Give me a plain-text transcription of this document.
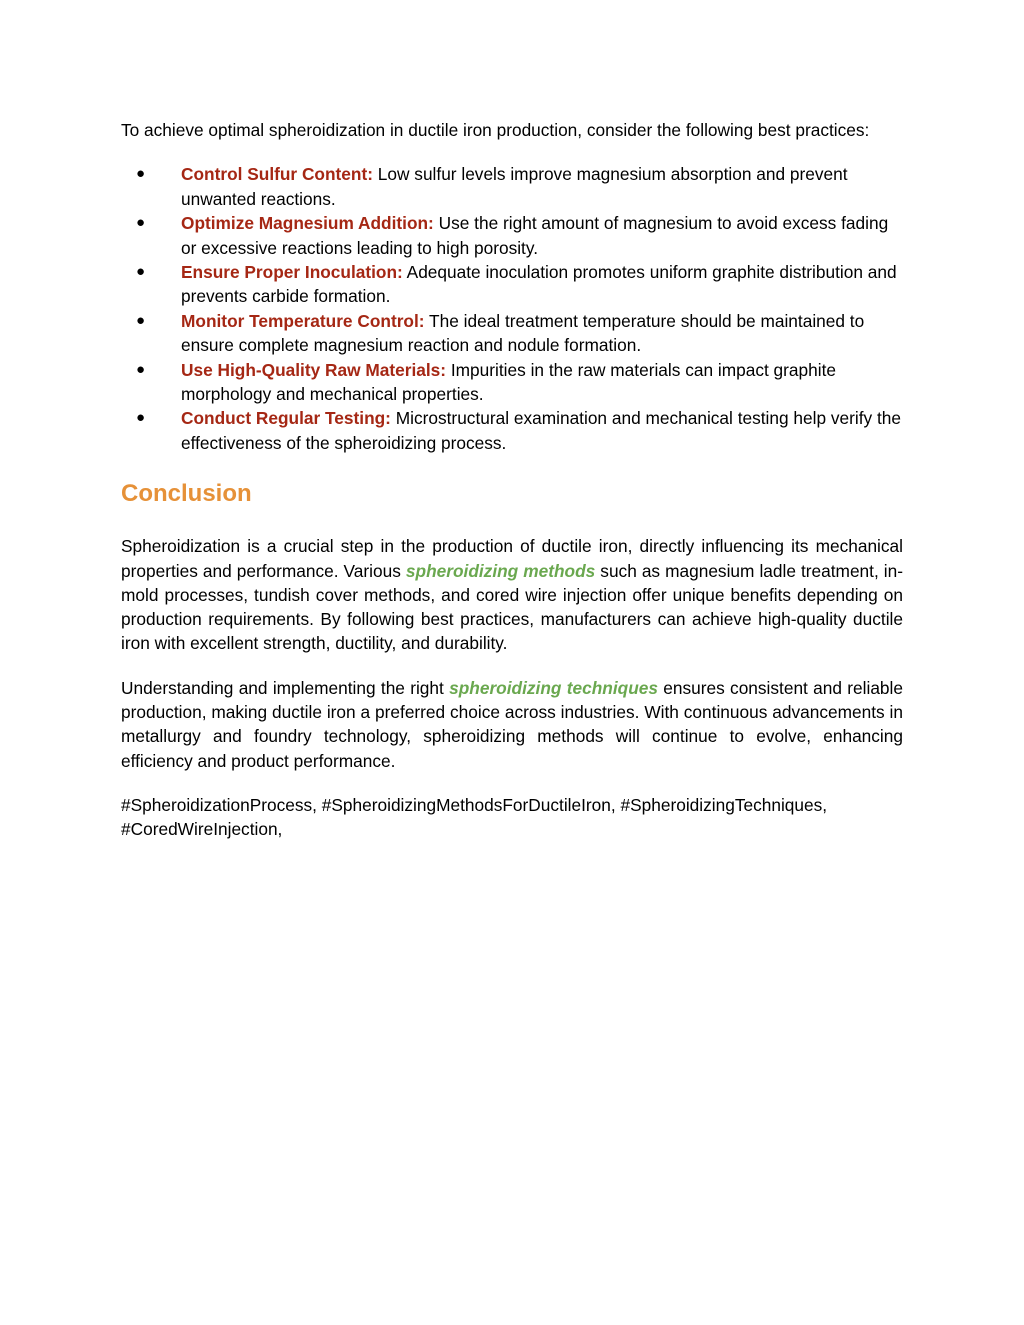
To achieve optimal spheroidization in ductile iron production, consider the following best practices:

● Control Sulfur Content: Low sulfur levels improve magnesium absorption and prevent unwanted reactions.
● Optimize Magnesium Addition: Use the right amount of magnesium to avoid excess fading or excessive reactions leading to high porosity.
● Ensure Proper Inoculation: Adequate inoculation promotes uniform graphite distribution and prevents carbide formation.
● Monitor Temperature Control: The ideal treatment temperature should be maintained to ensure complete magnesium reaction and nodule formation.
● Use High-Quality Raw Materials: Impurities in the raw materials can impact graphite morphology and mechanical properties.
● Conduct Regular Testing: Microstructural examination and mechanical testing help verify the effectiveness of the spheroidizing process.
Conclusion

Spheroidization is a crucial step in the production of ductile iron, directly influencing its mechanical properties and performance. Various spheroidizing methods such as magnesium ladle treatment, in-mold processes, tundish cover methods, and cored wire injection offer unique benefits depending on production requirements. By following best practices, manufacturers can achieve high-quality ductile iron with excellent strength, ductility, and durability.

Understanding and implementing the right spheroidizing techniques ensures consistent and reliable production, making ductile iron a preferred choice across industries. With continuous advancements in metallurgy and foundry technology, spheroidizing methods will continue to evolve, enhancing efficiency and product performance.

#SpheroidizationProcess, #SpheroidizingMethodsForDuctileIron, #SpheroidizingTechniques, #CoredWireInjection,
